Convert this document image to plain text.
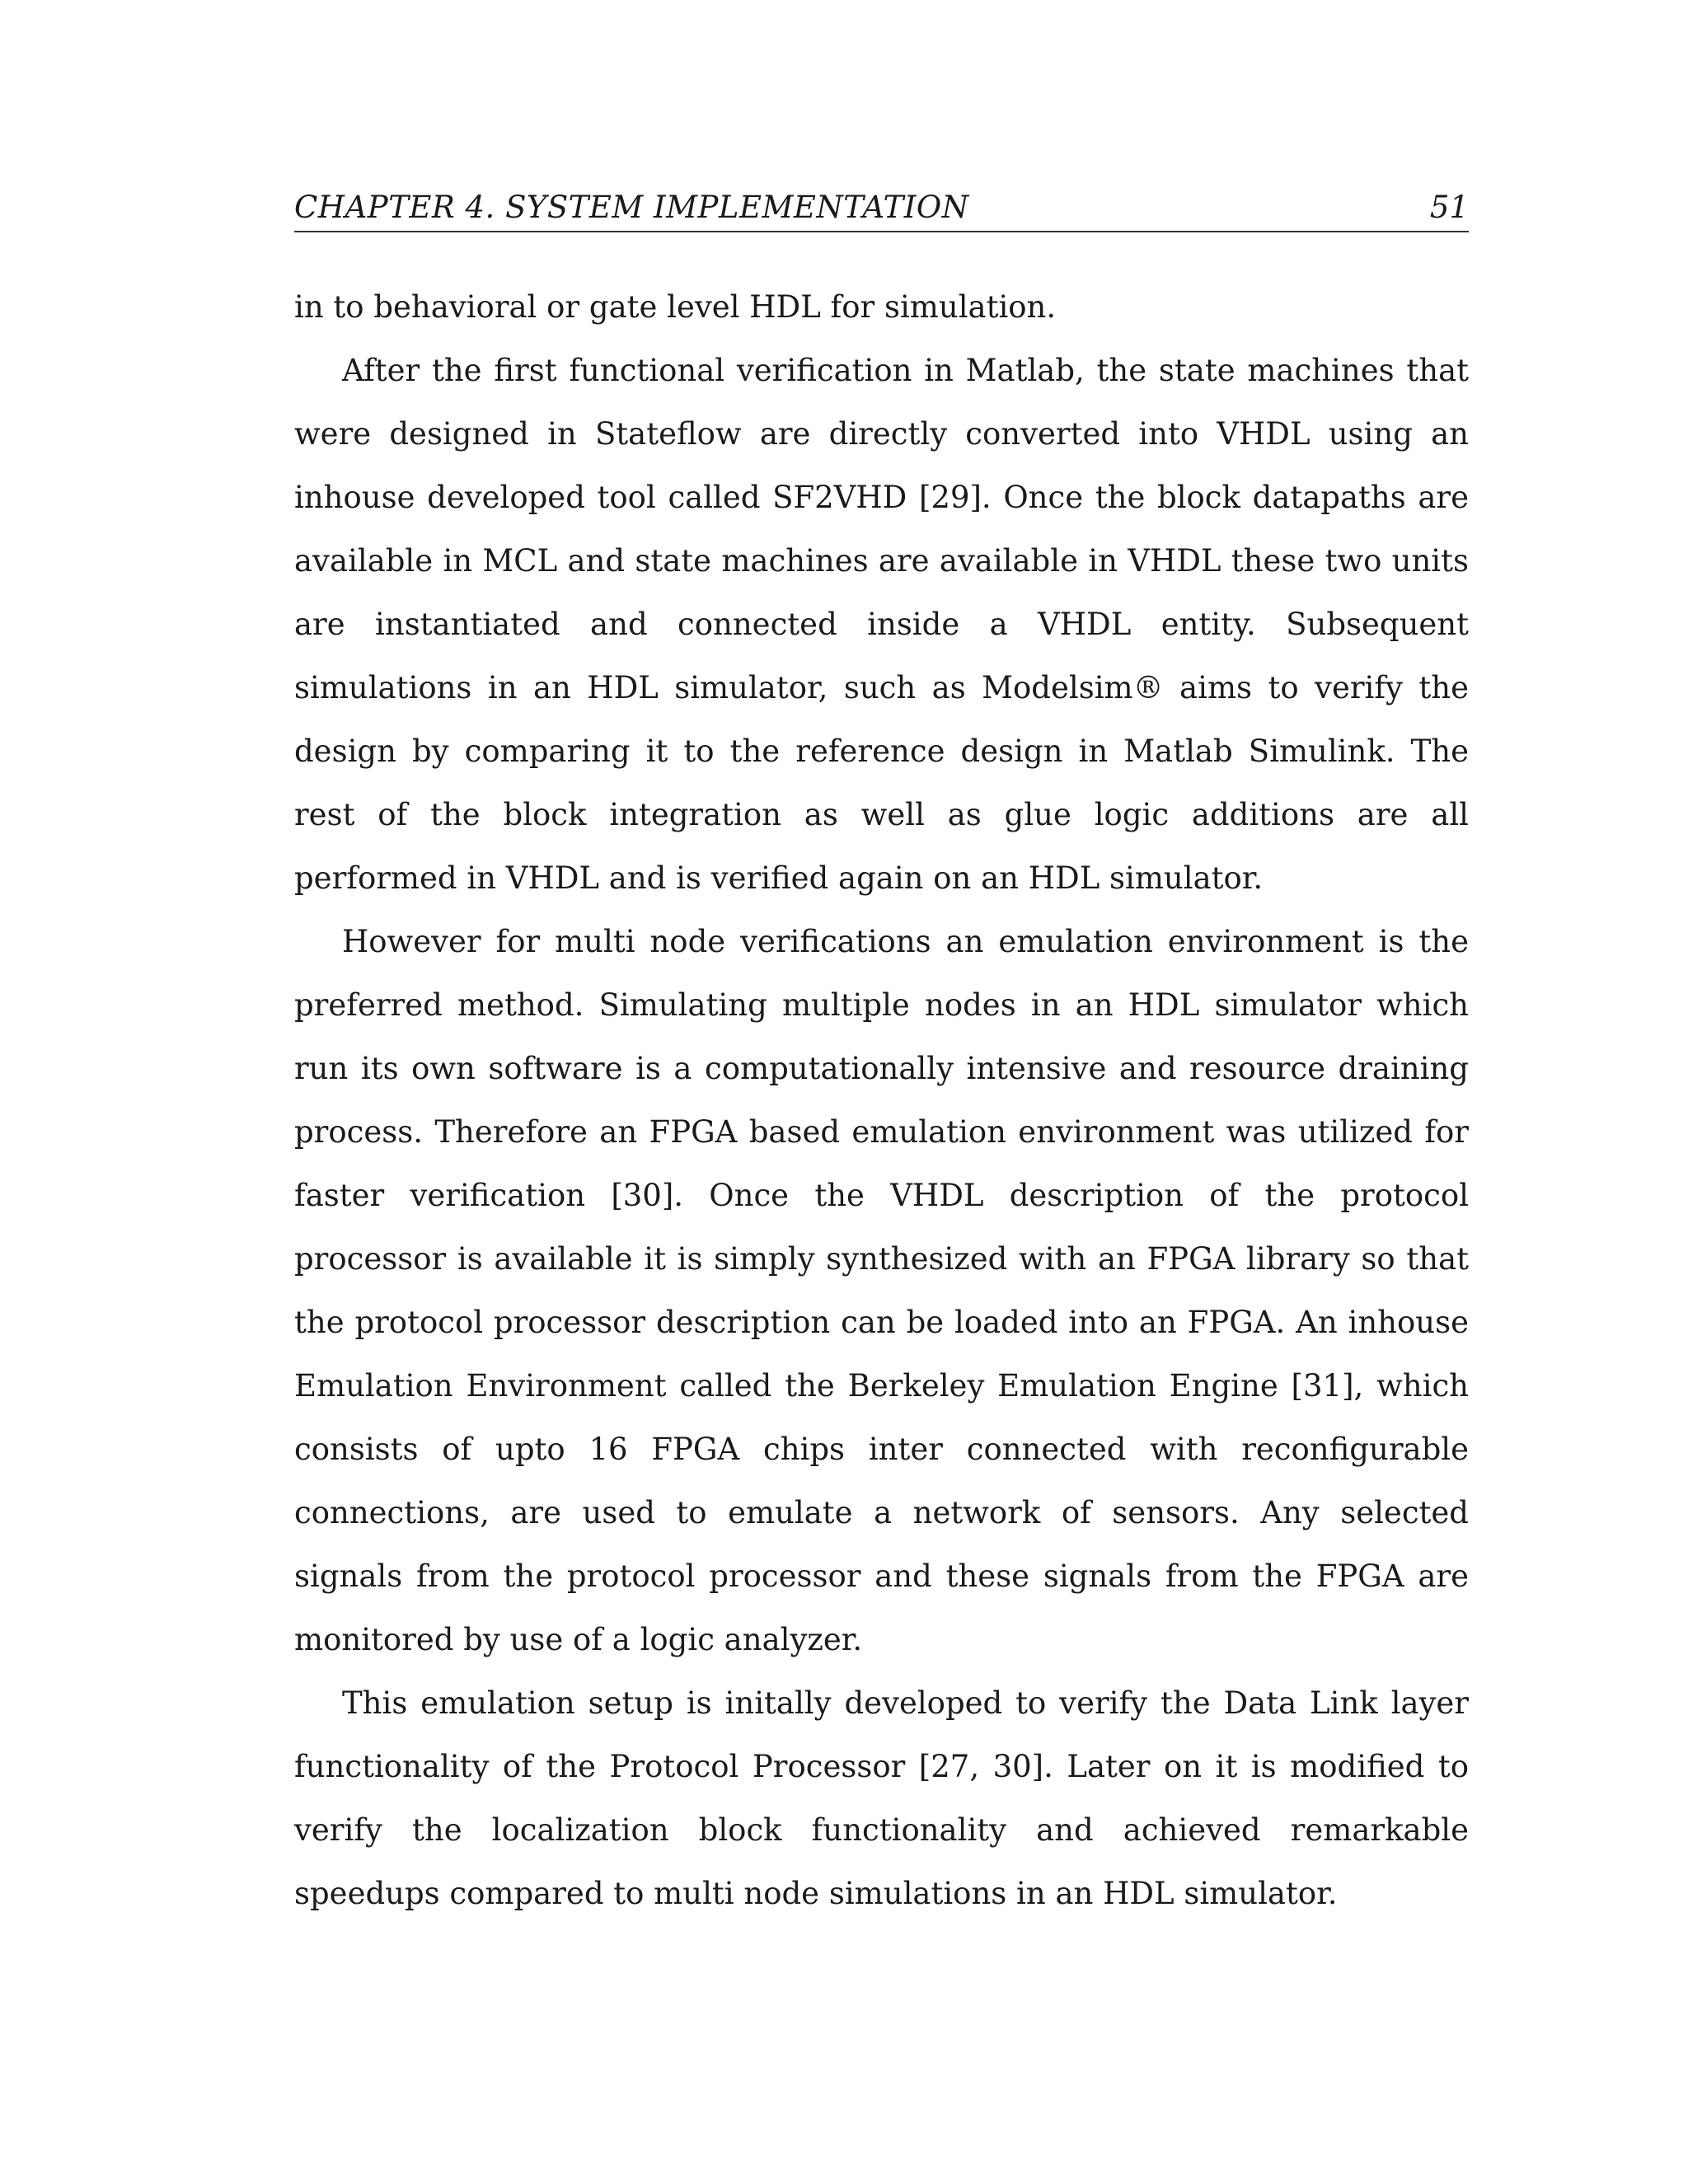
CHAPTER 4. SYSTEM IMPLEMENTATION	51

in to behavioral or gate level HDL for simulation.

After the first functional verification in Matlab, the state machines that were designed in Stateflow are directly converted into VHDL using an inhouse developed tool called SF2VHD [29]. Once the block datapaths are available in MCL and state machines are available in VHDL these two units are instantiated and connected inside a VHDL entity. Subsequent simulations in an HDL simulator, such as Modelsim® aims to verify the design by comparing it to the reference design in Matlab Simulink. The rest of the block integration as well as glue logic additions are all performed in VHDL and is verified again on an HDL simulator.

However for multi node verifications an emulation environment is the preferred method. Simulating multiple nodes in an HDL simulator which run its own software is a computationally intensive and resource draining process. Therefore an FPGA based emulation environment was utilized for faster verification [30]. Once the VHDL description of the protocol processor is available it is simply synthesized with an FPGA library so that the protocol processor description can be loaded into an FPGA. An inhouse Emulation Environment called the Berkeley Emulation Engine [31], which consists of upto 16 FPGA chips inter connected with reconfigurable connections, are used to emulate a network of sensors. Any selected signals from the protocol processor and these signals from the FPGA are monitored by use of a logic analyzer.

This emulation setup is initally developed to verify the Data Link layer functionality of the Protocol Processor [27, 30]. Later on it is modified to verify the localization block functionality and achieved remarkable speedups compared to multi node simulations in an HDL simulator.
